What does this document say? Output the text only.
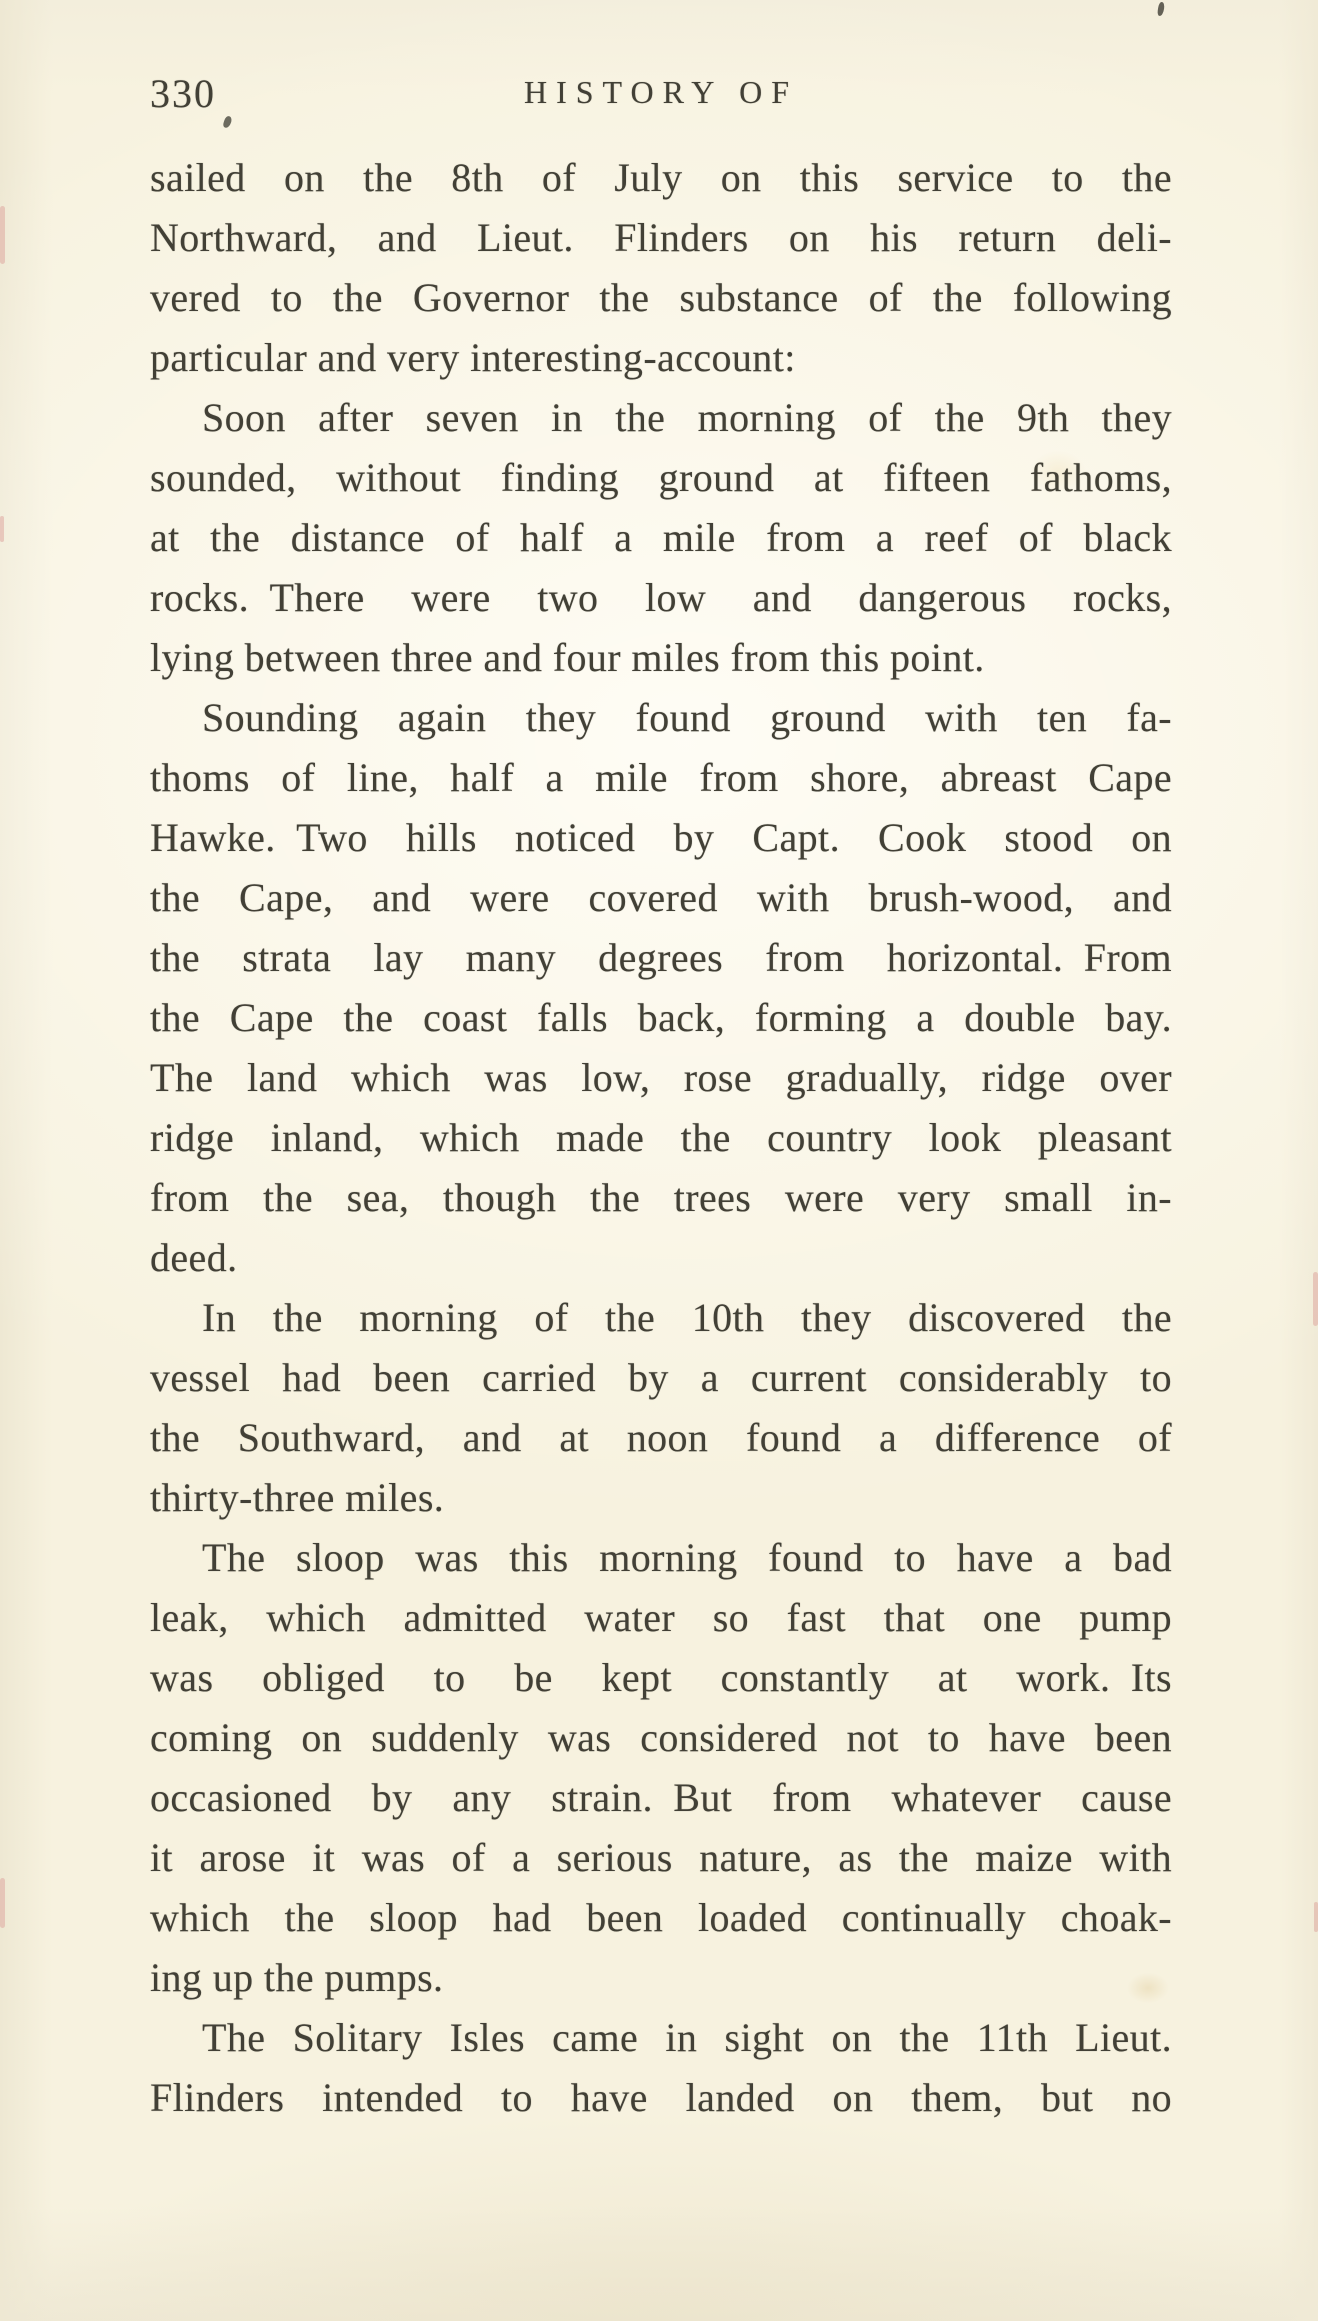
330	HISTORY OF
sailed on the 8th of July on this service to the
Northward, and Lieut. Flinders on his return deli-
vered to the Governor the substance of the following
particular and very interesting-account:
Soon after seven in the morning of the 9th they
sounded, without finding ground at fifteen fathoms,
at the distance of half a mile from a reef of black
rocks. There were two low and dangerous rocks,
lying between three and four miles from this point.
Sounding again they found ground with ten fa-
thoms of line, half a mile from shore, abreast Cape
Hawke. Two hills noticed by Capt. Cook stood on
the Cape, and were covered with brush-wood, and
the strata lay many degrees from horizontal. From
the Cape the coast falls back, forming a double bay.
The land which was low, rose gradually, ridge over
ridge inland, which made the country look pleasant
from the sea, though the trees were very small in-
deed.
In the morning of the 10th they discovered the
vessel had been carried by a current considerably to
the Southward, and at noon found a difference of
thirty-three miles.
The sloop was this morning found to have a bad
leak, which admitted water so fast that one pump
was obliged to be kept constantly at work. Its
coming on suddenly was considered not to have been
occasioned by any strain. But from whatever cause
it arose it was of a serious nature, as the maize with
which the sloop had been loaded continually choak-
ing up the pumps.
The Solitary Isles came in sight on the 11th Lieut.
Flinders intended to have landed on them, but no
